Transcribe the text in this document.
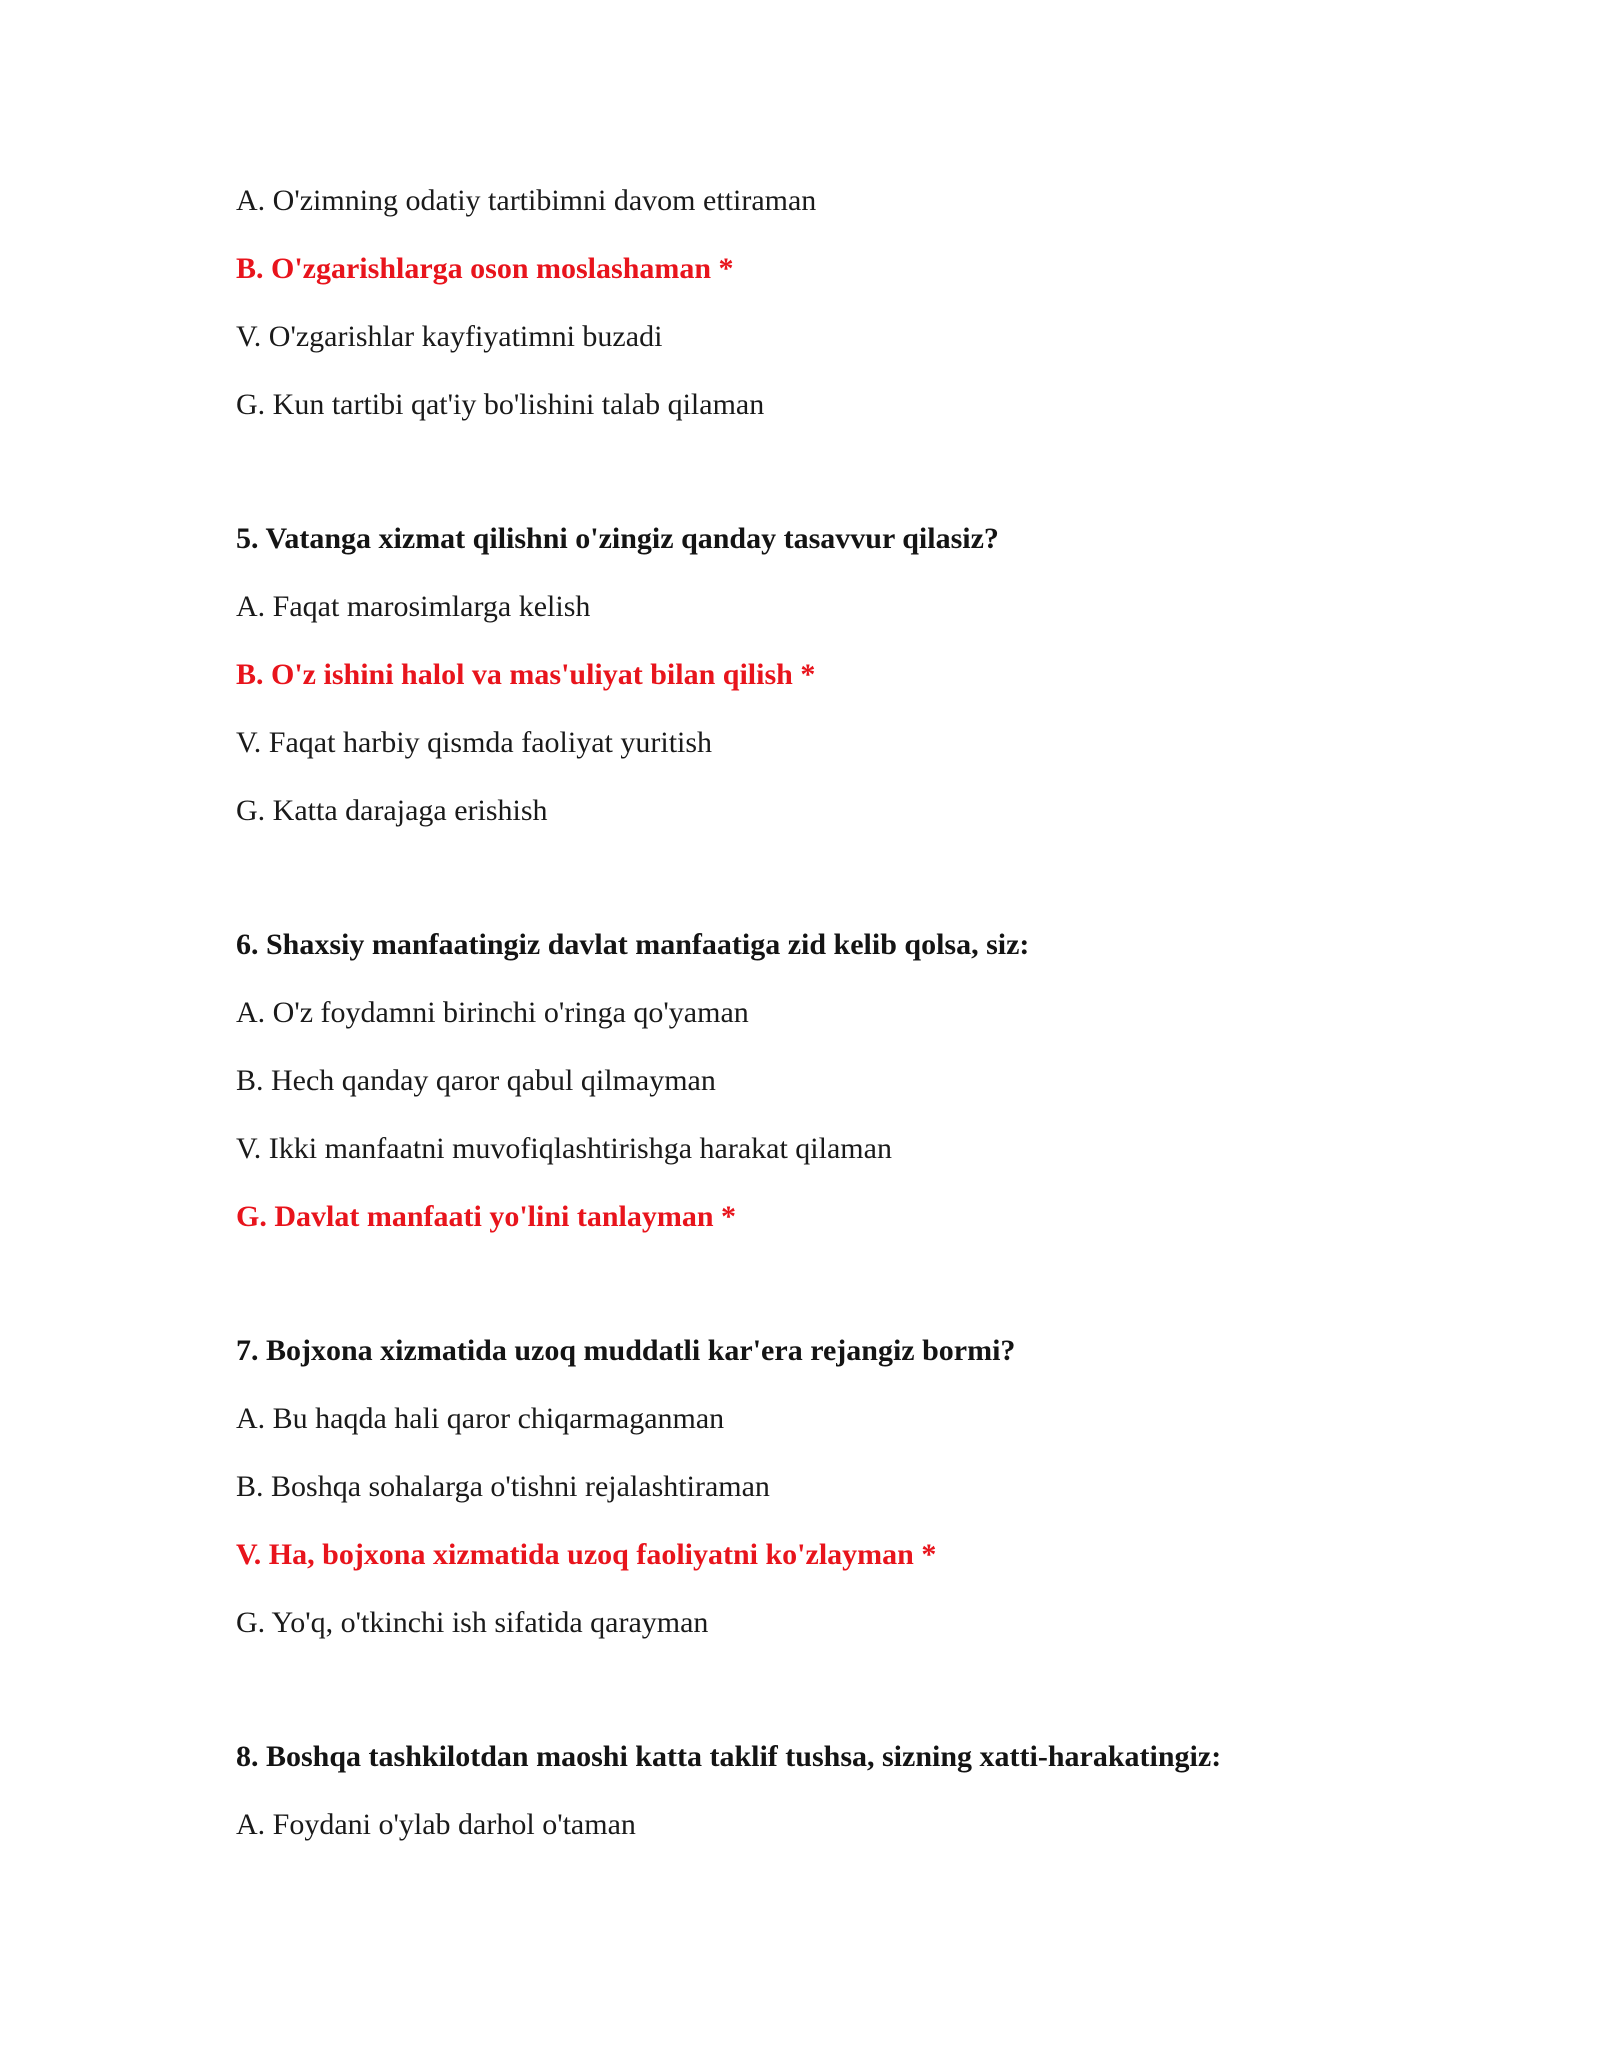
A. O'zimning odatiy tartibimni davom ettiraman
B. O'zgarishlarga oson moslashaman *
V. O'zgarishlar kayfiyatimni buzadi
G. Kun tartibi qat'iy bo'lishini talab qilaman
5. Vatanga xizmat qilishni o'zingiz qanday tasavvur qilasiz?
A. Faqat marosimlarga kelish
B. O'z ishini halol va mas'uliyat bilan qilish *
V. Faqat harbiy qismda faoliyat yuritish
G. Katta darajaga erishish
6. Shaxsiy manfaatingiz davlat manfaatiga zid kelib qolsa, siz:
A. O'z foydamni birinchi o'ringa qo'yaman
B. Hech qanday qaror qabul qilmayman
V. Ikki manfaatni muvofiqlashtirishga harakat qilaman
G. Davlat manfaati yo'lini tanlayman *
7. Bojxona xizmatida uzoq muddatli kar'era rejangiz bormi?
A. Bu haqda hali qaror chiqarmaganman
B. Boshqa sohalarga o'tishni rejalashtiraman
V. Ha, bojxona xizmatida uzoq faoliyatni ko'zlayman *
G. Yo'q, o'tkinchi ish sifatida qarayman
8. Boshqa tashkilotdan maoshi katta taklif tushsa, sizning xatti-harakatingiz:
A. Foydani o'ylab darhol o'taman
